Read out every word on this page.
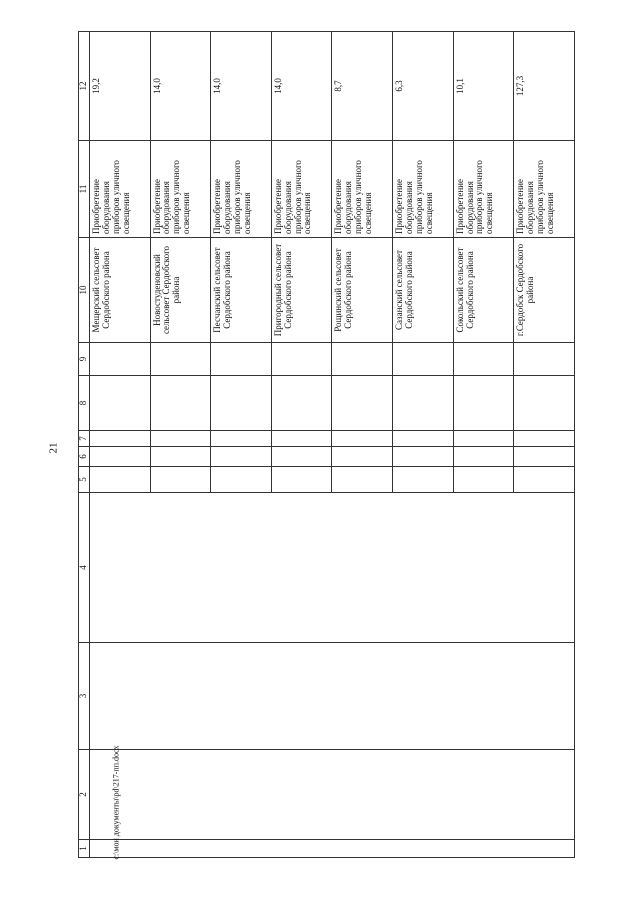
21
1	2	3	4	5	6	7	8	9	10	11	12
									Мещерский сельсовет Сердобского района	Приобретение оборудования приборов уличного освещения	19,2
									Новостуденовский сельсовет Сердобского района	Приобретение оборудования приборов уличного освещения	14,0
									Песчанский сельсовет Сердобского района	Приобретение оборудования приборов уличного освещения	14,0
									Пригородный сельсовет Сердобского района	Приобретение оборудования приборов уличного освещения	14,0
									Рощинский сельсовет Сердобского района	Приобретение оборудования приборов уличного освещения	8,7
									Сазанский сельсовет Сердобского района	Приобретение оборудования приборов уличного освещения	6,3
									Сокольский сельсовет Сердобского района	Приобретение оборудования приборов уличного освещения	10,1
									г.Сердобск Сердобского района	Приобретение оборудования приборов уличного освещения	127,3
c:\мои документы\pd\217-пп.docx
